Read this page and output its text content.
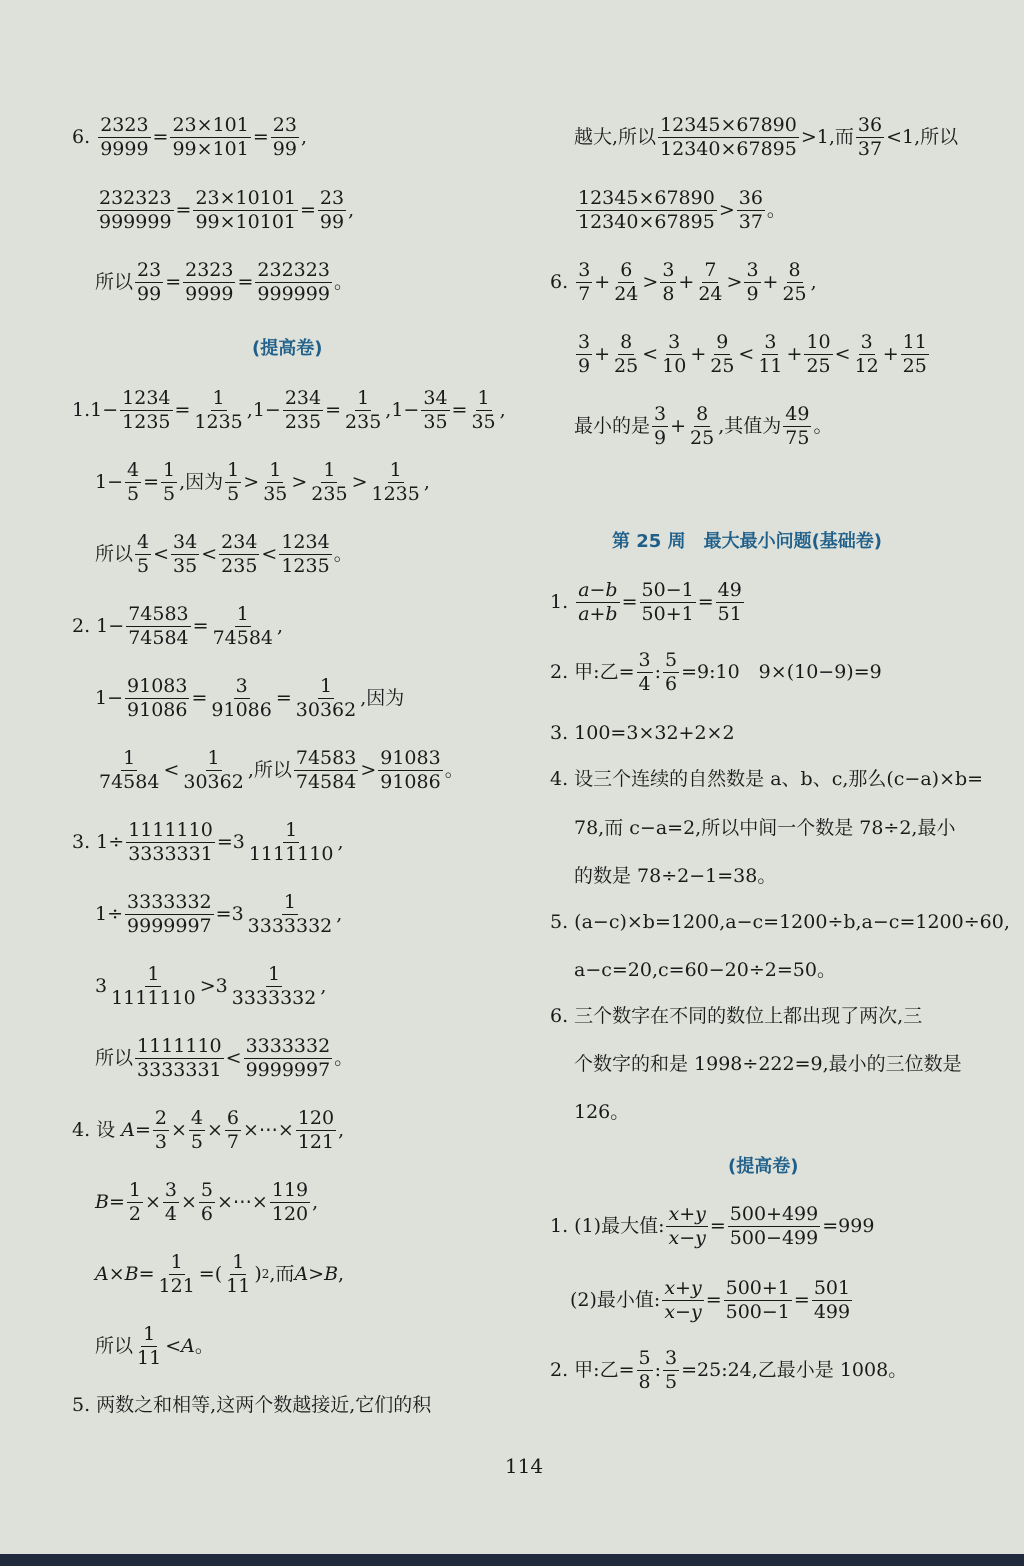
6.
$\frac{2323}{9999} = \frac{23\times 101}{99\times 101} = \frac{23}{99}$ ,
$\frac{232323}{999999} = \frac{23\times 10101}{99\times 10101} = \frac{23}{99}$ ,
所以 $\frac{23}{99} = \frac{2323}{9999} = \frac{232323}{999999}$ 。
(提高卷)
$1.1- \frac{1234}{1235} = \frac{1}{1235} ,1- \frac{234}{235} = \frac{1}{235} ,1- \frac{34}{35} = \frac{1}{35}$ ,
$1- \frac{4}{5} = \frac{1}{5}$ ,因为 $\frac{1}{5} > \frac{1}{35} > \frac{1}{235} > \frac{1}{1235}$ ,
所以 $\frac{4}{5} < \frac{34}{35} < \frac{234}{235} < \frac{1234}{1235}$ 。
2. $1- \frac{74583}{74584} = \frac{1}{74584}$ ,
$1- \frac{91083}{91086} = \frac{3}{91086} = \frac{1}{30362}$ ,因为
$\frac{1}{74584} < \frac{1}{30362}$ ,所以 $\frac{74583}{74584} > \frac{91083}{91086}$ 。
3. $1\div \frac{1111110}{3333331} = 3 \frac{1}{1111110}$ ,
$1\div \frac{3333332}{9999997} = 3 \frac{1}{3333332}$ ,
$3 \frac{1}{1111110} > 3 \frac{1}{3333332}$ ,
所以 $\frac{1111110}{3333331} < \frac{3333332}{9999997}$ 。
4. 设
$A = \frac{2}{3} \times \frac{4}{5} \times \frac{6}{7}$ ×⋯× $\frac{120}{121}$ ,
$B = \frac{1}{2} \times \frac{3}{4} \times \frac{5}{6}$ ×⋯× $\frac{119}{120}$ ,
$A\times B = \frac{1}{121}$ =( $\frac{1}{11}$ ) 2 ,而 A>B ,
所以 $\frac{1}{11} <A$ 。
5. 两数之和相等,这两个数越接近,它们的积
越大,所以 $\frac{12345\times 67890}{12340\times 67895} >1$,而 $\frac{36}{37} <1$,所以
$\frac{12345\times 67890}{12340\times 67895} > \frac{36}{37}$ 。
6.
$\frac{3}{7} + \frac{6}{24} > \frac{3}{8} + \frac{7}{24} > \frac{3}{9} + \frac{8}{25}$ ,
$\frac{3}{9} + \frac{8}{25} < \frac{3}{10} + \frac{9}{25} < \frac{3}{11} + \frac{10}{25} < \frac{3}{12} + \frac{11}{25}$
最小的是 $\frac{3}{9} + \frac{8}{25}$ ,其值为 $\frac{49}{75}$ 。
第 25 周　最大最小问题(基础卷)
1.
$\frac{a-b}{a+b} = \frac{50-1}{50+1} = \frac{49}{51}$
2. 甲:乙= $\frac{3}{4}$ : $\frac{5}{6}$ =9:10　9×(10−9)=9
3. 100=3×32+2×2
4. 设三个连续的自然数是 a、b、c,那么(c−a)×b=
78,而 c−a=2,所以中间一个数是 78÷2,最小
的数是 78÷2−1=38。
5. (a−c)×b=1200,a−c=1200÷b,a−c=1200÷60,
a−c=20,c=60−20÷2=50。
6. 三个数字在不同的数位上都出现了两次,三
个数字的和是 1998÷222=9,最小的三位数是
126。
(提高卷)
1. (1)最大值: $\frac{x+y}{x-y} = \frac{500+499}{500-499} =999$
(2)最小值: $\frac{x+y}{x-y} = \frac{500+1}{500-1} = \frac{501}{499}$
2. 甲:乙= $\frac{5}{8}$ : $\frac{3}{5}$ =25:24,乙最小是 1008。
114
